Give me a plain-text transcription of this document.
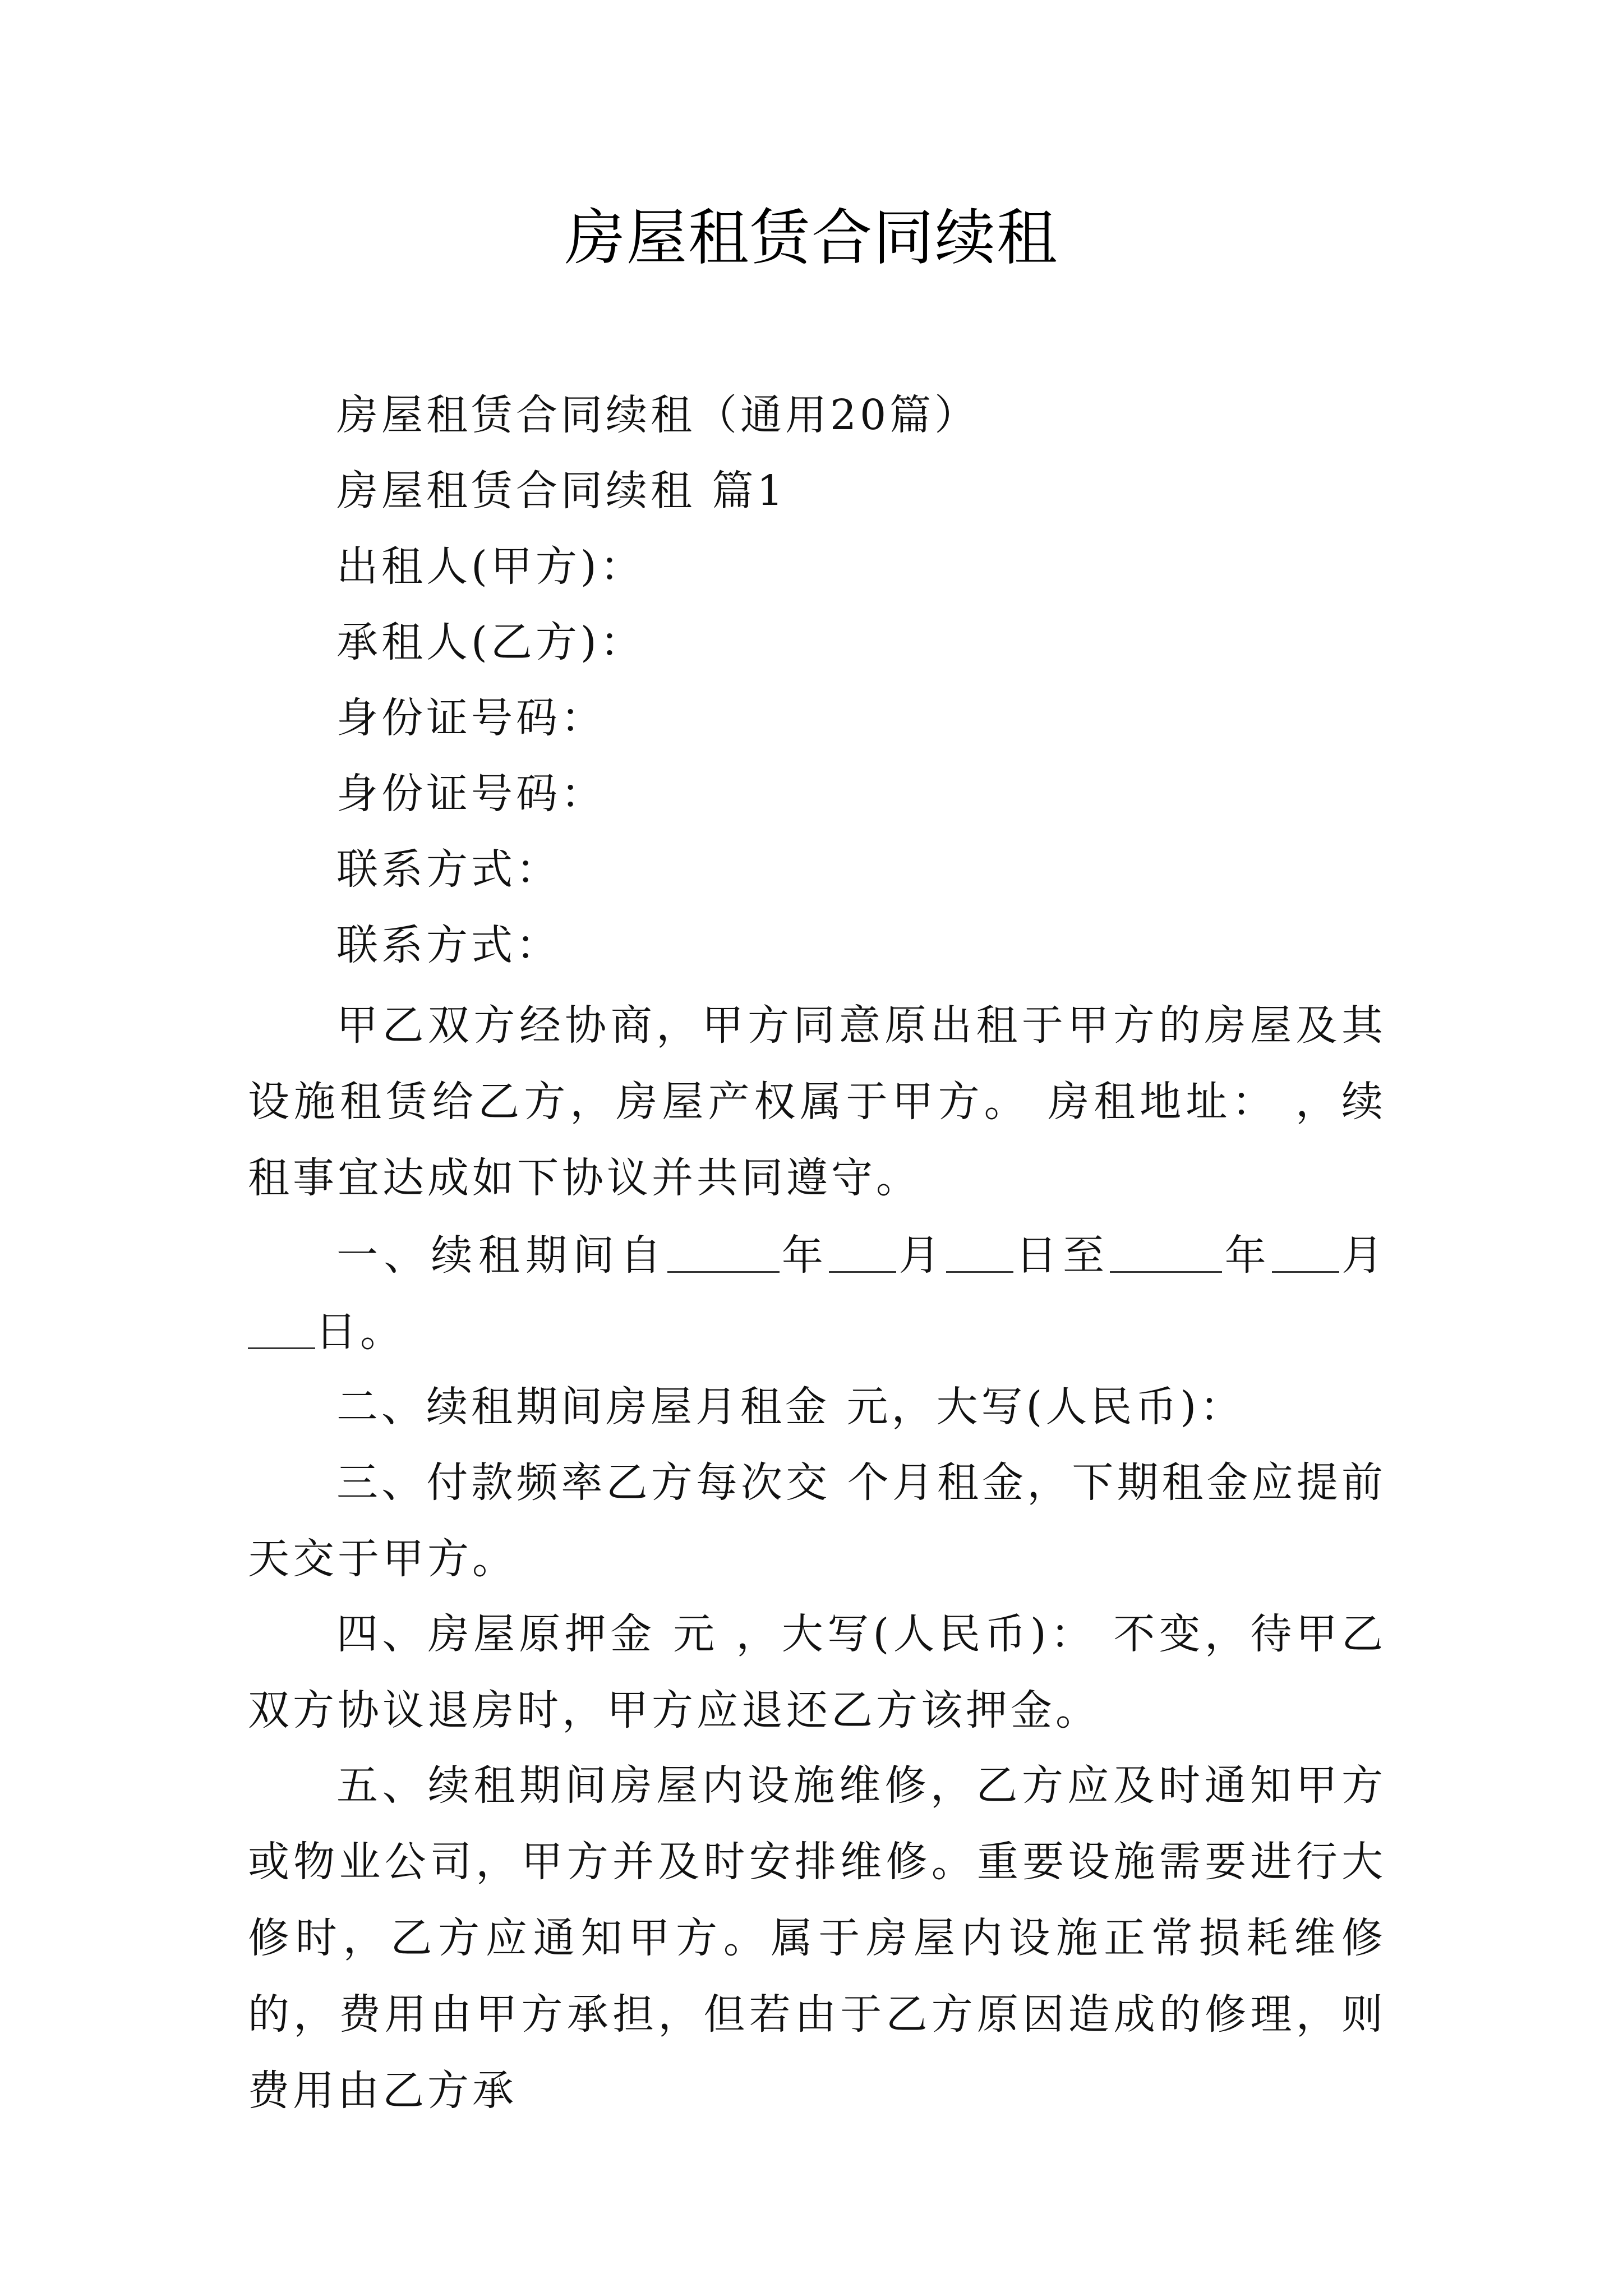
房屋租赁合同续租
房屋租赁合同续租（通用20篇）
房屋租赁合同续租 篇1
出租人(甲方)：
承租人(乙方)：
身份证号码：
身份证号码：
联系方式：
联系方式：
甲乙双方经协商，甲方同意原出租于甲方的房屋及其设施租赁给乙方，房屋产权属于甲方。 房租地址： ，续租事宜达成如下协议并共同遵守。
一、续租期间自	年 月 日至	年 月日。
二、续租期间房屋月租金 元，大写(人民币)：
三、付款频率乙方每次交 个月租金，下期租金应提前天交于甲方。
四、房屋原押金 元 ，大写(人民币)： 不变，待甲乙双方协议退房时，甲方应退还乙方该押金。
五、续租期间房屋内设施维修，乙方应及时通知甲方或物业公司，甲方并及时安排维修。重要设施需要进行大修时，乙方应通知甲方。属于房屋内设施正常损耗维修的，费用由甲方承担，但若由于乙方原因造成的修理，则费用由乙方承
